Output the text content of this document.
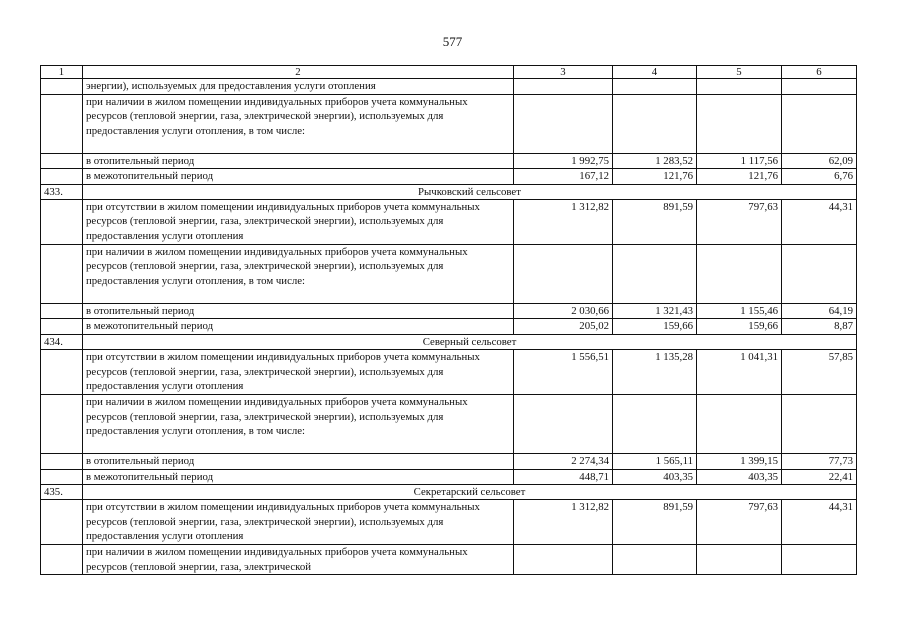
577
1	2	3	4	5	6
	энергии), используемых для предоставления услуги отопления				
	при наличии в жилом помещении индивидуальных приборов учета коммунальных ресурсов (тепловой энергии, газа, электрической энергии), используемых для предоставления услуги отопления, в том числе:				
	в отопительный период	1 992,75	1 283,52	1 117,56	62,09
	в межотопительный период	167,12	121,76	121,76	6,76
433.	Рычковский сельсовет				
	при отсутствии в жилом помещении индивидуальных приборов учета коммунальных ресурсов (тепловой энергии, газа, электрической энергии), используемых для предоставления услуги отопления	1 312,82	891,59	797,63	44,31
	при наличии в жилом помещении индивидуальных приборов учета коммунальных ресурсов (тепловой энергии, газа, электрической энергии), используемых для предоставления услуги отопления, в том числе:				
	в отопительный период	2 030,66	1 321,43	1 155,46	64,19
	в межотопительный период	205,02	159,66	159,66	8,87
434.	Северный сельсовет				
	при отсутствии в жилом помещении индивидуальных приборов учета коммунальных ресурсов (тепловой энергии, газа, электрической энергии), используемых для предоставления услуги отопления	1 556,51	1 135,28	1 041,31	57,85
	при наличии в жилом помещении индивидуальных приборов учета коммунальных ресурсов (тепловой энергии, газа, электрической энергии), используемых для предоставления услуги отопления, в том числе:				
	в отопительный период	2 274,34	1 565,11	1 399,15	77,73
	в межотопительный период	448,71	403,35	403,35	22,41
435.	Секретарский сельсовет				
	при отсутствии в жилом помещении индивидуальных приборов учета коммунальных ресурсов (тепловой энергии, газа, электрической энергии), используемых для предоставления услуги отопления	1 312,82	891,59	797,63	44,31
	при наличии в жилом помещении индивидуальных приборов учета коммунальных ресурсов (тепловой энергии, газа, электрической				
